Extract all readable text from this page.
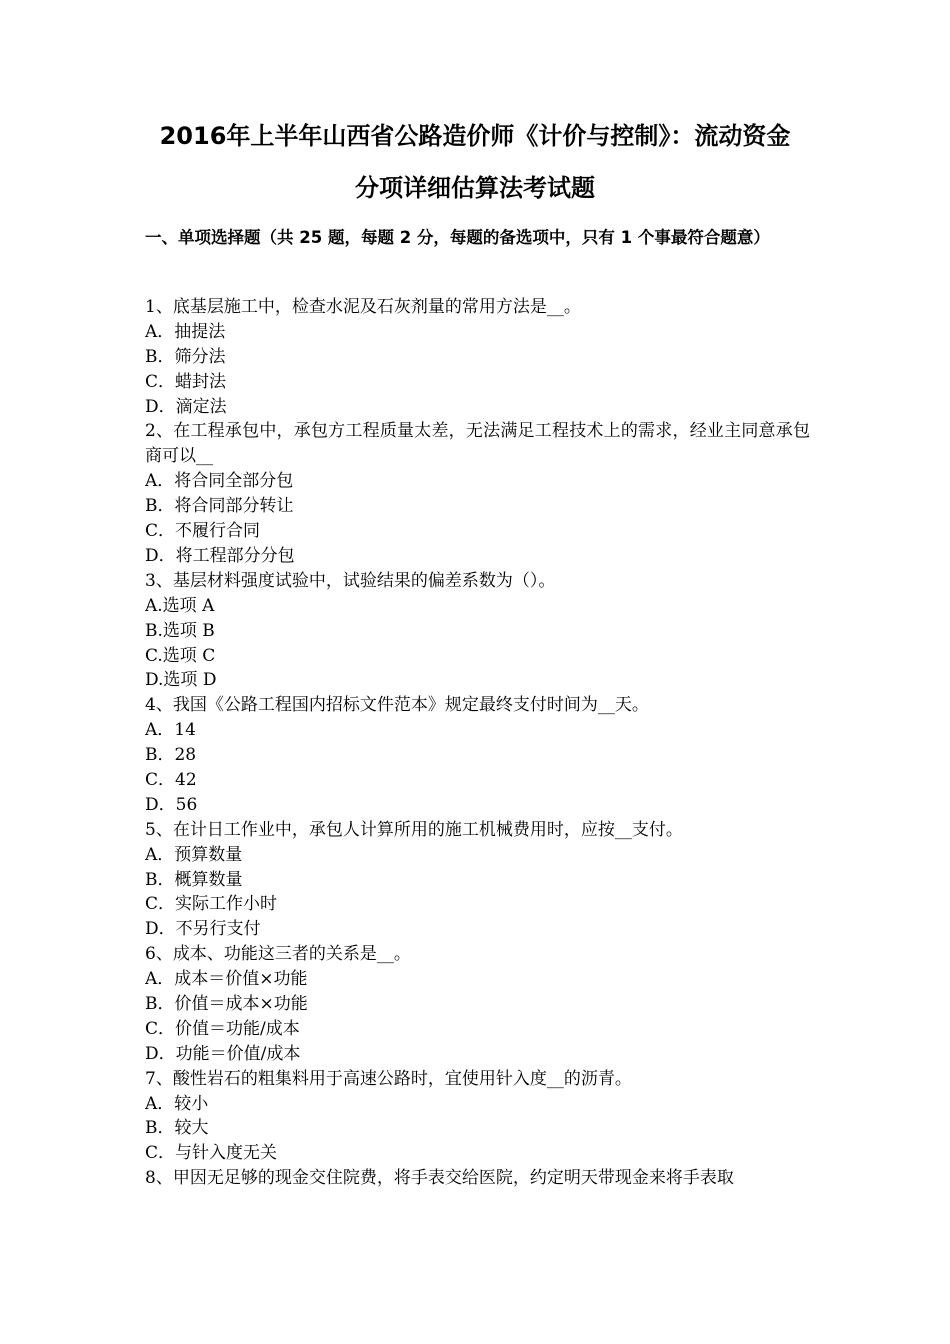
2016年上半年山西省公路造价师《计价与控制》：流动资金
分项详细估算法考试题
一、单项选择题（共 25 题，每题 2 分，每题的备选项中，只有 1 个事最符合题意）
1、底基层施工中，检查水泥及石灰剂量的常用方法是__。
A．抽提法
B．筛分法
C．蜡封法
D．滴定法
2、在工程承包中，承包方工程质量太差，无法满足工程技术上的需求，经业主同意承包商可以__
A．将合同全部分包
B．将合同部分转让
C．不履行合同
D．将工程部分分包
3、基层材料强度试验中，试验结果的偏差系数为（）。
A.选项 A
B.选项 B
C.选项 C
D.选项 D
4、我国《公路工程国内招标文件范本》规定最终支付时间为__天。
A．14
B．28
C．42
D．56
5、在计日工作业中，承包人计算所用的施工机械费用时，应按__支付。
A．预算数量
B．概算数量
C．实际工作小时
D．不另行支付
6、成本、功能这三者的关系是__。
A．成本＝价值×功能
B．价值＝成本×功能
C．价值＝功能/成本
D．功能＝价值/成本
7、酸性岩石的粗集料用于高速公路时，宜使用针入度__的沥青。
A．较小
B．较大
C．与针入度无关
8、甲因无足够的现金交住院费，将手表交给医院，约定明天带现金来将手表取
